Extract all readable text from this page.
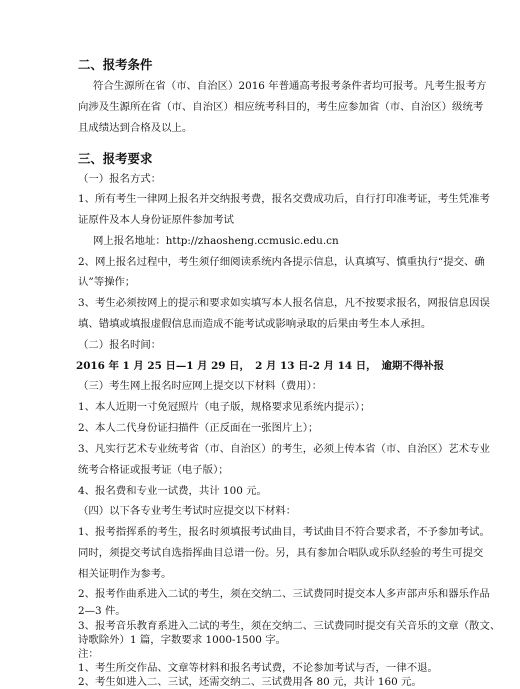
二、报考条件
符合生源所在省（市、自治区）2016 年普通高考报考条件者均可报考。凡考生报考方
向涉及生源所在省（市、自治区）相应统考科目的，考生应参加省（市、自治区）级统考
且成绩达到合格及以上。
三、报考要求
（一）报名方式：
1、所有考生一律网上报名并交纳报考费，报名交费成功后，自行打印准考证，考生凭准考
证原件及本人身份证原件参加考试
网上报名地址：http://zhaosheng.ccmusic.edu.cn
2、网上报名过程中，考生须仔细阅读系统内各提示信息，认真填写、慎重执行“提交、确
认”等操作；
3、考生必须按网上的提示和要求如实填写本人报名信息，凡不按要求报名，网报信息因误
填、错填或填报虚假信息而造成不能考试或影响录取的后果由考生本人承担。
（二）报名时间：
2016 年 1 月 25 日—1 月 29 日，　2 月 13 日-2 月 14 日，　逾期不得补报
（三）考生网上报名时应网上提交以下材料（费用）：
1、本人近期一寸免冠照片（电子版，规格要求见系统内提示）；
2、本人二代身份证扫描件（正反面在一张图片上）；
3、凡实行艺术专业统考省（市、自治区）的考生，必须上传本省（市、自治区）艺术专业
统考合格证或报考证（电子版）；
4、报名费和专业一试费，共计 100 元。
（四）以下各专业考生考试时应提交以下材料：
1、报考指挥系的考生，报名时须填报考试曲目，考试曲目不符合要求者，不予参加考试。
同时，须提交考试自选指挥曲目总谱一份。另，具有参加合唱队或乐队经验的考生可提交
相关证明作为参考。
2、报考作曲系进入二试的考生，须在交纳二、三试费同时提交本人多声部声乐和器乐作品
2—3 件。
3、报考音乐教育系进入二试的考生，须在交纳二、三试费同时提交有关音乐的文章（散文、
诗歌除外）1 篇，字数要求 1000-1500 字。
注：
1、考生所交作品、文章等材料和报名考试费，不论参加考试与否，一律不退。
2、考生如进入二、三试，还需交纳二、三试费用各 80 元，共计 160 元。
